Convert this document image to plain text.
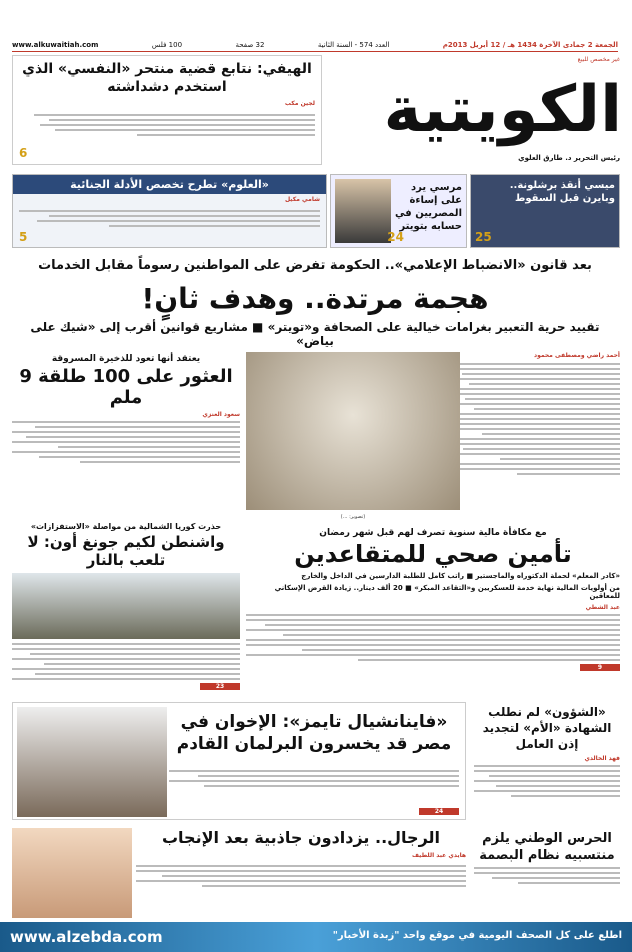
الجمعة 2 جمادى الآخرة 1434 هـ / 12 أبريل 2013م
العدد 574 - السنة الثانية
32 صفحة
100 فلس
www.alkuwaitiah.com
غير مخصص للبيع
الكويتية
رئيس التحرير د. طارق العلوي
الهيفي: نتابع قضية منتحر «النفسي» الذي استخدم دشداشته
لجين مكب
6
«العلوم» تطرح تخصص الأدلة الجنائية
شامي مكيل
5
مرسي يرد على إساءة المصريين في حسابه بتويتر
24
ميسي أنقذ برشلونة.. وبايرن قبل السقوط
25
بعد قانون «الانضباط الإعلامي».. الحكومة تفرض على المواطنين رسوماً مقابل الخدمات
هجمة مرتدة.. وهدف ثانٍ!
تقييد حرية التعبير بغرامات خيالية على الصحافة و«تويتر» ■ مشاريع قوانين أقرب إلى «شيك على بياض»
أحمد راضي ومصطفى محمود
(تصوير: ...)
يعتقد أنها تعود للذخيرة المسروقة
العثور على 100 طلقة 9 ملم
سعود العنزي
حذرت كوريا الشمالية من مواصلة «الاستفزازات»
واشنطن لكيم جونغ أون: لا تلعب بالنار
23
مع مكافأة مالية سنوية تصرف لهم قبل شهر رمضان
تأمين صحي للمتقاعدين
«كادر المعلم» لحملة الدكتوراه والماجستير ■ راتب كامل للطلبة الدارسين في الداخل والخارج
من أولويات المالية نهاية خدمة للعسكريين و«التقاعد المبكر» ■ 20 ألف دينار.. زيادة القرض الإسكاني للمعاقين
عبد الشطي
9
«فاينانشيال تايمز»: الإخوان في مصر قد يخسرون البرلمان القادم
24
«الشؤون» لم نطلب الشهادة «الأم» لتجديد إذن العامل
فهد الخالدي
الرجال.. يزدادون جاذبية بعد الإنجاب
هايدي عبد اللطيف
الحرس الوطني يلزم منتسبيه نظام البصمة
www.alzebda.com	اطلع على كل الصحف اليومية في موقع واحد "زبدة الأخبار"
